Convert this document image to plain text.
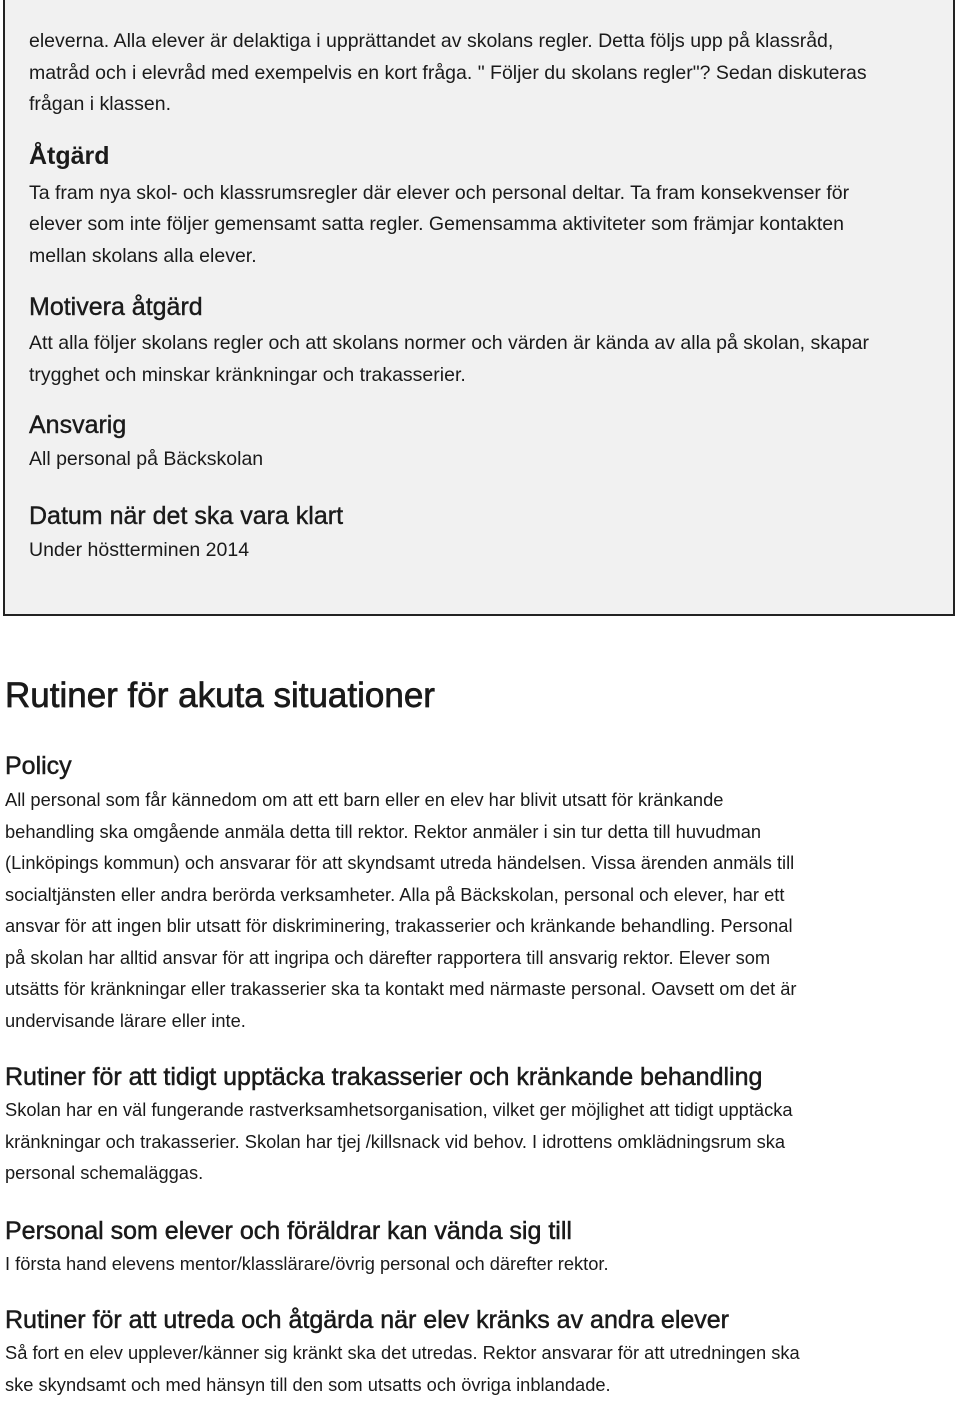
eleverna. Alla elever är delaktiga i upprättandet av skolans regler. Detta följs upp på klassråd,

matråd och i elevråd med exempelvis en kort fråga. " Följer du skolans regler"? Sedan diskuteras

frågan i klassen.

Åtgärd

Ta fram nya skol- och klassrumsregler där elever och personal deltar. Ta fram konsekvenser för

elever som inte följer gemensamt satta regler. Gemensamma aktiviteter som främjar kontakten

mellan skolans alla elever.

Motivera åtgärd

Att alla följer skolans regler och att skolans normer och värden är kända av alla på skolan, skapar

trygghet och minskar kränkningar och trakasserier.

Ansvarig

All personal på Bäckskolan

Datum när det ska vara klart

Under höstterminen 2014

Rutiner för akuta situationer
Policy

All personal som får kännedom om att ett barn eller en elev har blivit utsatt för kränkande

behandling ska omgående anmäla detta till rektor. Rektor anmäler i sin tur detta till huvudman

(Linköpings kommun) och ansvarar för att skyndsamt utreda händelsen. Vissa ärenden anmäls till

socialtjänsten eller andra berörda verksamheter. Alla på Bäckskolan, personal och elever, har ett

ansvar för att ingen blir utsatt för diskriminering, trakasserier och kränkande behandling. Personal

på skolan har alltid ansvar för att ingripa och därefter rapportera till ansvarig rektor. Elever som

utsätts för kränkningar eller trakasserier ska ta kontakt med närmaste personal. Oavsett om det är

undervisande lärare eller inte.

Rutiner för att tidigt upptäcka trakasserier och kränkande behandling

Skolan har en väl fungerande rastverksamhetsorganisation, vilket ger möjlighet att tidigt upptäcka

kränkningar och trakasserier. Skolan har tjej /killsnack vid behov. I idrottens omklädningsrum ska

personal schemaläggas.

Personal som elever och föräldrar kan vända sig till

I första hand elevens mentor/klasslärare/övrig personal och därefter rektor.

Rutiner för att utreda och åtgärda när elev kränks av andra elever

Så fort en elev upplever/känner sig kränkt ska det utredas. Rektor ansvarar för att utredningen ska

ske skyndsamt och med hänsyn till den som utsatts och övriga inblandade.
